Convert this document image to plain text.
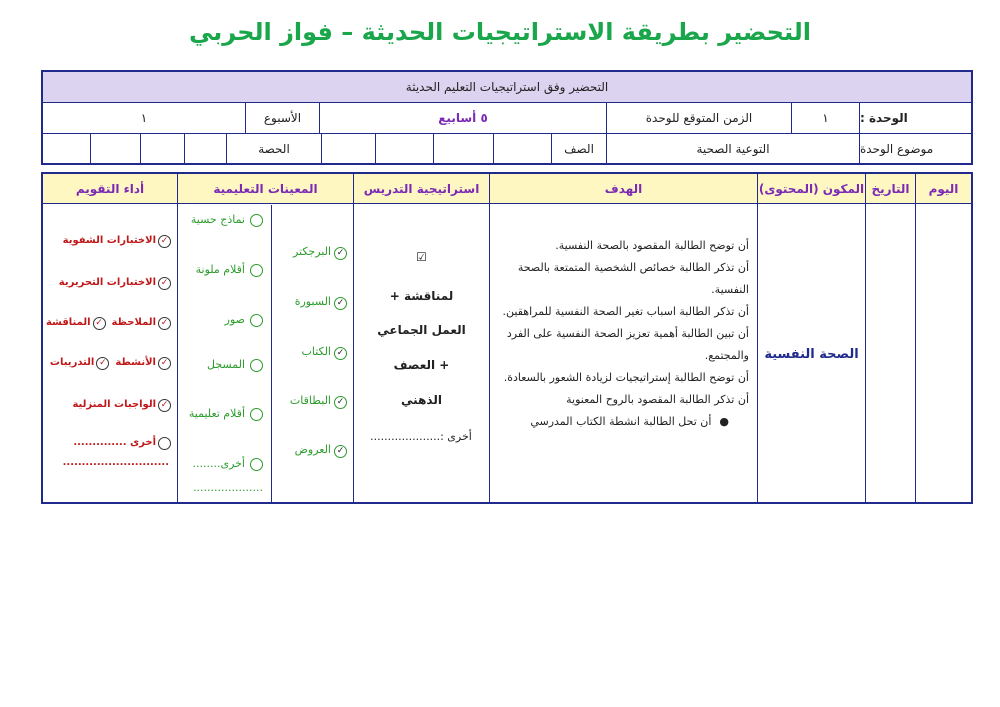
التحضير بطريقة الاستراتيجيات الحديثة – فواز الحربي
التحضير وفق استراتيجيات التعليم الحديثة
الوحدة :
١
الزمن المتوقع للوحدة
٥ أسابيع
الأسبوع
١
موضوع الوحدة
التوعية الصحية
الصف
الحصة
اليوم
التاريخ
المكون (المحتوى)
الصحة النفسية
الهدف

أن توضح الطالبة المقصود بالصحة النفسية.

أن تذكر الطالبة خصائص الشخصية المتمتعة بالصحة

النفسية.

أن تذكر الطالبة اسباب تغير الصحة النفسية للمراهقين.

أن تبين الطالبة أهمية تعزيز الصحة النفسية على الفرد

والمجتمع.

أن توضح الطالبة إستراتيجيات لزيادة الشعور بالسعادة.

أن تذكر الطالبة المقصود بالروح المعنوية

●أن تحل الطالبة انشطة الكتاب المدرسي

استراتيجية التدريس
☑
لمناقشة +
العمل الجماعي
+ العصف
الذهني
أخرى :....................
المعينات التعليمية
✓البرجكتر
✓السبورة
✓الكتاب
✓البطاقات
✓العروض
نماذج حسية
أقلام ملونة
صور
المسجل
أقلام تعليمية
أخرى........
....................
أداء التقويم
✓الاختبارات الشفوية
✓الاختبارات التحريرية
✓الملاحظة✓المناقشة
✓الأنشطة✓التدريبات
✓الواجبات المنزلية
أخرى ..............
............................
